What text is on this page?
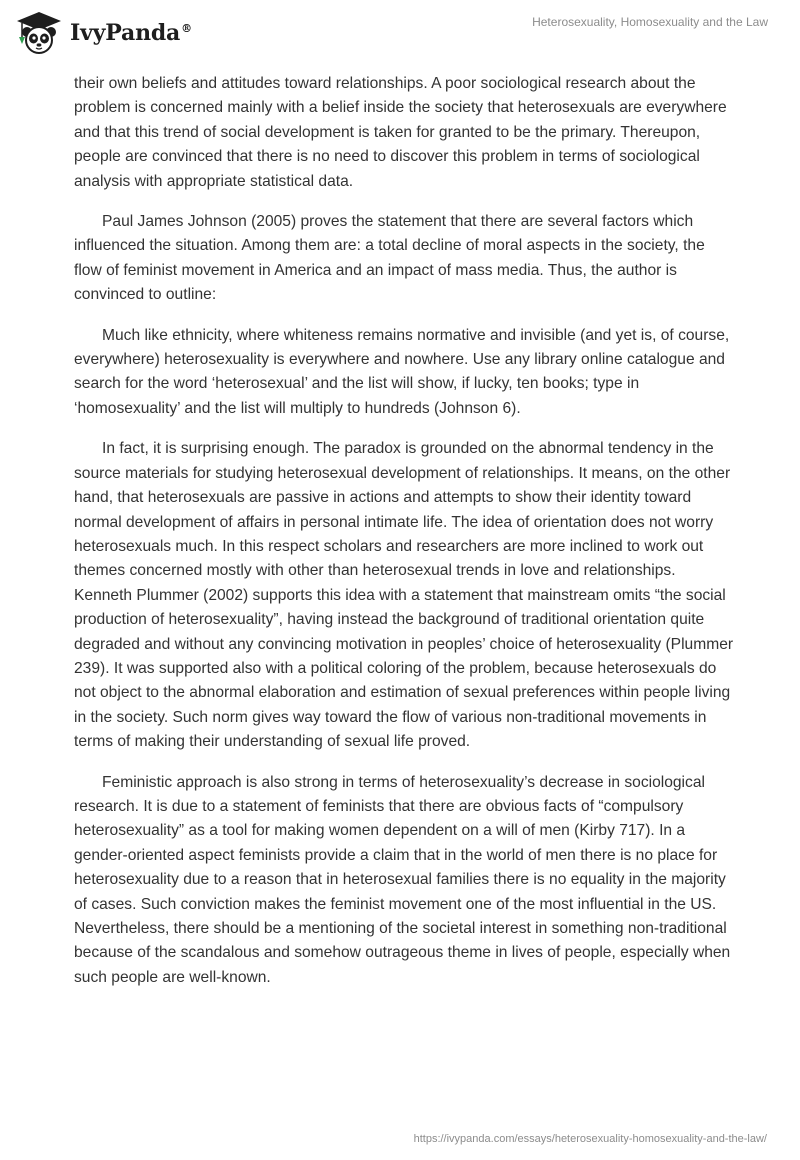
IvyPanda®	Heterosexuality, Homosexuality and the Law

their own beliefs and attitudes toward relationships. A poor sociological research about the problem is concerned mainly with a belief inside the society that heterosexuals are everywhere and that this trend of social development is taken for granted to be the primary. Thereupon, people are convinced that there is no need to discover this problem in terms of sociological analysis with appropriate statistical data.

Paul James Johnson (2005) proves the statement that there are several factors which influenced the situation. Among them are: a total decline of moral aspects in the society, the flow of feminist movement in America and an impact of mass media. Thus, the author is convinced to outline:

Much like ethnicity, where whiteness remains normative and invisible (and yet is, of course, everywhere) heterosexuality is everywhere and nowhere. Use any library online catalogue and search for the word ‘heterosexual’ and the list will show, if lucky, ten books; type in ‘homosexuality’ and the list will multiply to hundreds (Johnson 6).

In fact, it is surprising enough. The paradox is grounded on the abnormal tendency in the source materials for studying heterosexual development of relationships. It means, on the other hand, that heterosexuals are passive in actions and attempts to show their identity toward normal development of affairs in personal intimate life. The idea of orientation does not worry heterosexuals much. In this respect scholars and researchers are more inclined to work out themes concerned mostly with other than heterosexual trends in love and relationships. Kenneth Plummer (2002) supports this idea with a statement that mainstream omits “the social production of heterosexuality”, having instead the background of traditional orientation quite degraded and without any convincing motivation in peoples’ choice of heterosexuality (Plummer 239). It was supported also with a political coloring of the problem, because heterosexuals do not object to the abnormal elaboration and estimation of sexual preferences within people living in the society. Such norm gives way toward the flow of various non-traditional movements in terms of making their understanding of sexual life proved.

Feministic approach is also strong in terms of heterosexuality’s decrease in sociological research. It is due to a statement of feminists that there are obvious facts of “compulsory heterosexuality” as a tool for making women dependent on a will of men (Kirby 717). In a gender-oriented aspect feminists provide a claim that in the world of men there is no place for heterosexuality due to a reason that in heterosexual families there is no equality in the majority of cases. Such conviction makes the feminist movement one of the most influential in the US. Nevertheless, there should be a mentioning of the societal interest in something non-traditional because of the scandalous and somehow outrageous theme in lives of people, especially when such people are well-known.

https://ivypanda.com/essays/heterosexuality-homosexuality-and-the-law/
